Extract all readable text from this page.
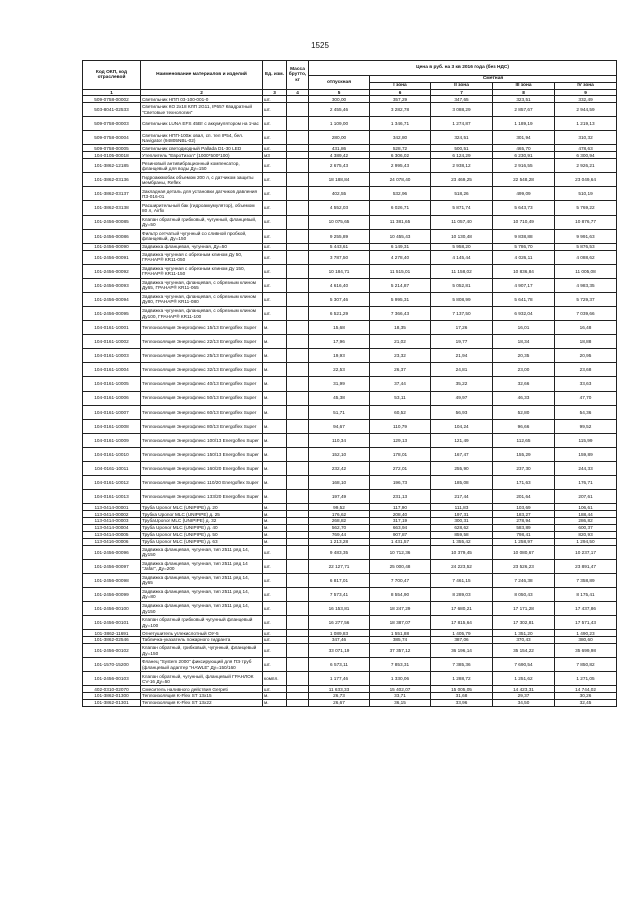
1525
Код ОКП, код отраслевой	Наименование материалов и изделий	Ед. изм.	Масса брутто, кг	Цена в руб. на 3 кв 2016 года (без НДС)				
				отпускная	Сметная			
					I зона	II зона	III зона	IV зона
1	2	3	4	5	6	7	8	9
509-0758-00002	Светильник НПП 03-100-001-0	шт.		300,00	357,29	347,65	323,51	332,49
503-8041-02533	Светильник КО 2х18 КЛП 2G11, IP65? Квадратный "Световые технологии"	шт.		2 455,46	3 282,78	3 088,29	2 857,67	2 944,59
509-0758-00003	Светильник LUNA EFS 45Вт с аккумулятором на 1час	шт.		1 109,00	1 346,71	1 274,87	1 189,19	1 219,13
509-0758-00004	Светильник НПП-100ж овал, сп. тел IP54, бел. Navigator (94805NBL-02)	шт.		280,00	342,80	324,51	301,94	310,32
509-0758-00005	Светильник светодиодный Pallada D1-30 LED	шт.		431,86	528,72	500,51	465,70	478,63
104-0105-00018	Утеплитель "ЕвроТизол" (1000*500*100)	м3		4 389,42	6 306,02	6 124,29	6 230,91	6 300,94
101-3862-12185	Резиновый антивибрационный компенсатор, фланцевый для воды Ду=150	шт.		2 675,43	2 995,43	2 938,12	2 916,55	2 926,21
101-3862-03136	Гидроаккмобак объемом 200 л, с датчиком защиты мембраны, Reflex	шт.		18 188,84	24 078,40	23 469,25	22 548,28	23 049,64
101-3862-03137	Закладная деталь для установки датчиков давления ПЗ-016-01	шт.		402,55	532,96	518,26	499,09	510,19
101-3862-03138	Расширительный бак (гидроаккумулятор), объемом 80 л, Airfix	шт.		4 552,03	6 026,71	5 871,74	5 643,73	5 769,22
101-2456-00085	Клапан обратный грибковый, чугунный, фланцевый, Ду=50	шт.		10 075,65	11 381,65	11 057,40	10 710,49	10 876,77
101-2456-00086	Фильтр сетчатый чугунный со сливной пробкой, фланцевый, Ду=150	шт.		9 255,89	10 455,43	10 130,48	9 838,88	9 991,63
101-2456-00090	Задвижка фланцевая, чугунная, Ду=50	шт.		5 443,61	6 149,31	5 958,20	5 786,70	5 876,53
101-2456-00091	Задвижка чугунная с обрезным клином Ду 50, ГРАНАР® КR11-050	шт.		3 787,50	4 278,40	4 145,44	4 026,11	4 088,62
101-2456-00092	Задвижка чугунная с обрезным клином Ду 150, ГРАНАР® КR11-150	шт.		10 184,71	11 515,01	11 158,02	10 836,84	11 005,08
101-2456-00093	Задвижка чугунная, фланцевая, с обрезным клином Ду65, ГРАНАР® КR11-065	шт.		4 616,40	5 214,87	5 052,81	4 907,17	4 983,35
101-2456-00094	Задвижка чугунная, фланцевая, с обрезным клином Ду80, ГРАНАР® КR11-080	шт.		5 307,46	5 995,31	5 808,99	5 641,78	5 729,37
101-2456-00095	Задвижка чугунная, фланцевая, с обрезным клином Ду100, ГРАНАР® КR11-100	шт.		6 521,29	7 366,43	7 137,50	6 932,04	7 039,66
104-0161-10001	Теплоизоляция Энергофлекс 15/13 Energoflex Super	м.		15,68	18,35	17,26	16,01	16,48
104-0161-10002	Теплоизоляция Энергофлекс 22/13 Energoflex Super	м.		17,96	21,02	19,77	18,34	18,88
104-0161-10003	Теплоизоляция Энергофлекс 25/13 Energoflex Super	м.		19,93	23,32	21,94	20,35	20,95
104-0161-10004	Теплоизоляция Энергофлекс 32/13 Energoflex Super	м.		22,53	26,37	24,81	23,00	23,68
104-0161-10005	Теплоизоляция Энергофлекс 40/13 Energoflex Super	м.		31,99	37,44	35,22	32,66	33,63
104-0161-10006	Теплоизоляция Энергофлекс 50/13 Energoflex Super	м.		45,38	53,11	49,97	46,33	47,70
104-0161-10007	Теплоизоляция Энергофлекс 60/13 Energoflex Super	м.		51,71	60,52	56,93	52,80	54,36
104-0161-10008	Теплоизоляция Энергофлекс 80/13 Energoflex Super	м.		94,67	110,79	104,24	96,66	99,52
104-0161-10009	Теплоизоляция Энергофлекс 100/13 Energoflex Super	м.		110,34	129,13	121,49	112,65	115,99
104-0161-10010	Теплоизоляция Энергофлекс 150/13 Energoflex Super	м.		152,10	178,01	167,47	155,29	159,89
104-0161-10011	Теплоизоляция Энергофлекс 160/20 Energoflex Super	м.		232,42	272,01	255,90	237,30	244,33
104-0161-10012	Теплоизоляция Энергофлекс 110/20 Energoflex Super	м.		168,10	196,73	185,08	171,63	176,71
104-0161-10013	Теплоизоляция Энергофлекс 133/20 Energoflex Super	м.		197,49	231,13	217,44	201,64	207,61
113-0414-00001	Труба Uponor MLC (UNIPIPE) д. 20	м.		99,52	117,90	111,83	103,69	106,61
113-0414-00002	Трубка Uponor MLC (UNIPIPE) д. 25	м.		176,62	208,40	197,31	183,27	188,44
113-0414-00003	ТрубаUponor MLC (UNIPIPE) д. 32	м.		268,82	317,19	300,31	278,94	286,82
113-0414-00004	Труба Uponor MLC (UNIPIPE) д. 40	м.		562,70	663,94	628,62	583,89	600,37
113-0414-00005	Труба Uponor MLC (UNIPIPE) д. 50	м.		769,44	907,87	859,58	798,41	820,93
113-0416-00006	Труба Uponor MLC (UNIPIPE) д. 63	м.		1 213,28	1 431,57	1 355,42	1 258,97	1 294,50
101-2456-00096	Задвижка фланцевая, чугунная, тип 2511 ряд 14, Ду150	шт.		9 483,35	10 712,36	10 379,45	10 080,67	10 237,17
101-2456-00097	Задвижка фланцевая, чугунная, тип 2511 ряд 14 "Jafar", Ду=200	шт.		22 127,71	25 000,48	24 223,52	23 526,23	23 891,47
101-2456-00098	Задвижка фланцевая, чугунная, тип 2511 ряд 14, Ду65	шт.		6 817,01	7 700,47	7 461,15	7 246,38	7 358,89
101-2456-00099	Задвижка фланцевая, чугунная, тип 2511 ряд 14, Ду=80	шт.		7 573,41	8 554,90	8 289,03	8 050,43	8 175,41
101-2456-00100	Задвижка фланцевая, чугунная, тип 2511 ряд 14, Ду150	шт.		16 153,81	18 247,29	17 680,21	17 171,28	17 437,86
101-2456-00101	Клапан обратный грибковый чугунный фланцевый Ду=100	шт.		16 277,56	18 387,07	17 815,64	17 302,81	17 571,43
101-3862-11691	Огнетушитель углекислотный ОУ-5	шт.		1 089,83	1 551,88	1 405,79	1 351,20	1 490,23
101-3862-02546	Табличка-указатель пожарного гидранта	шт.		347,46	385,74	387,06	370,43	380,60
101-2456-00102	Клапан обратный, грибковый, чугунный, фланцевый Ду=150	шт.		33 071,19	37 357,12	36 196,14	35 154,22	35 699,98
101-1570-15200	Фланец "System 2000" фиксирующий для ПЭ труб (фланцевый адаптер "HAWLE" Ду=150/160	шт.		6 573,11	7 853,31	7 385,36	7 690,54	7 850,82
101-2456-00103	Клапан обратный, чугунный, фланцевый ГРАНЛОК CV-16 Ду=50	компл.		1 177,46	1 330,06	1 288,72	1 251,62	1 271,05
402-0310-02070	Смеситель наливного действия Gerpeti	шт.		11 633,33	15 402,07	15 005,05	14 423,31	14 744,02
101-3862-01300	Теплоизоляция K-Flex ST 13x15	м.		26,73	33,71	31,68	29,37	30,26
101-3862-01301	Теплоизоляция K-Flex ST 13x22	м.		26,67	36,15	33,96	34,50	32,45
